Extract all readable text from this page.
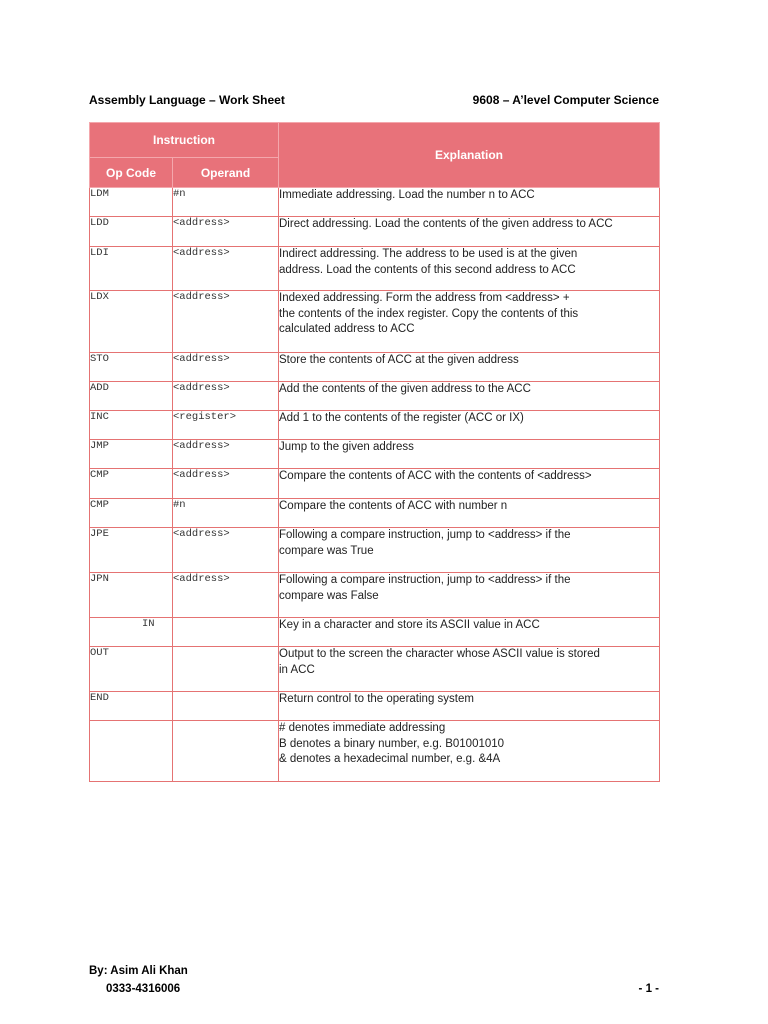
Assembly Language – Work Sheet	9608 – A’level Computer Science
Instruction		Explanation
Op Code	Operand	
LDM	#n	Immediate addressing. Load the number n to ACC

LDD	<address>	Direct addressing. Load the contents of the given address to ACC

LDI	<address>	Indirect addressing. The address to be used is at the given
address. Load the contents of this second address to ACC

LDX	<address>	Indexed addressing. Form the address from <address> +
the contents of the index register. Copy the contents of this
calculated address to ACC

STO	<address>	Store the contents of ACC at the given address

ADD	<address>	Add the contents of the given address to the ACC

INC	<register>	Add 1 to the contents of the register (ACC or IX)

JMP	<address>	Jump to the given address

CMP	<address>	Compare the contents of ACC with the contents of <address>

CMP	#n	Compare the contents of ACC with number n

JPE	<address>	Following a compare instruction, jump to <address> if the
compare was True

JPN	<address>	Following a compare instruction, jump to <address> if the
compare was False

IN		Key in a character and store its ASCII value in ACC

OUT		Output to the screen the character whose ASCII value is stored
in ACC

END		Return control to the operating system

		# denotes immediate addressing
B denotes a binary number, e.g. B01001010
& denotes a hexadecimal number, e.g. &4A
By: Asim Ali Khan
0333-4316006	- 1 -
